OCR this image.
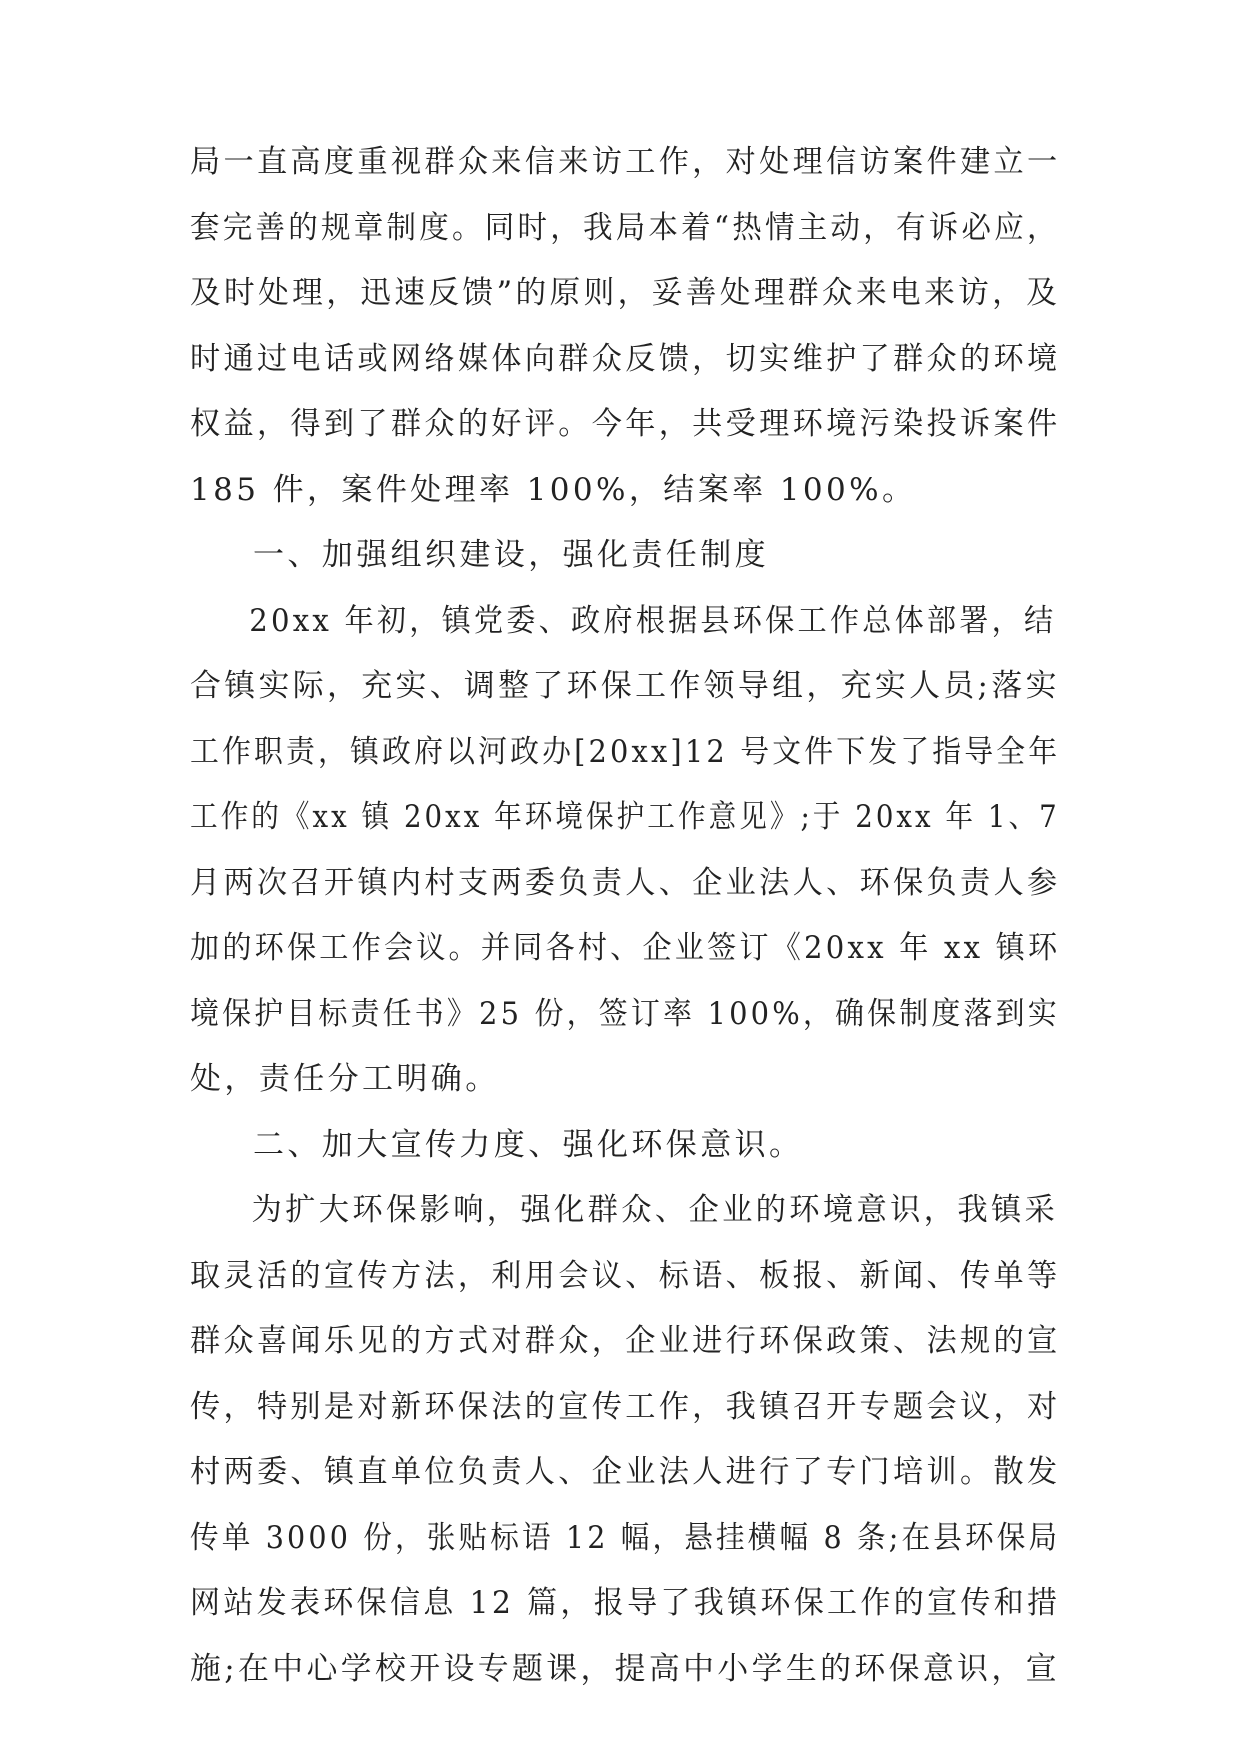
局一直高度重视群众来信来访工作，对处理信访案件建立一
套完善的规章制度。同时，我局本着“热情主动，有诉必应，
及时处理，迅速反馈”的原则，妥善处理群众来电来访，及
时通过电话或网络媒体向群众反馈，切实维护了群众的环境
权益，得到了群众的好评。今年，共受理环境污染投诉案件
185 件，案件处理率 100%，结案率 100%。
一、加强组织建设，强化责任制度
20xx 年初，镇党委、政府根据县环保工作总体部署，结
合镇实际，充实、调整了环保工作领导组，充实人员;落实
工作职责，镇政府以河政办[20xx]12 号文件下发了指导全年
工作的《xx 镇 20xx 年环境保护工作意见》;于 20xx 年 1、7
月两次召开镇内村支两委负责人、企业法人、环保负责人参
加的环保工作会议。并同各村、企业签订《20xx 年 xx 镇环
境保护目标责任书》25 份，签订率 100%，确保制度落到实
处，责任分工明确。
二、加大宣传力度、强化环保意识。
为扩大环保影响，强化群众、企业的环境意识，我镇采
取灵活的宣传方法，利用会议、标语、板报、新闻、传单等
群众喜闻乐见的方式对群众，企业进行环保政策、法规的宣
传，特别是对新环保法的宣传工作，我镇召开专题会议，对
村两委、镇直单位负责人、企业法人进行了专门培训。散发
传单 3000 份，张贴标语 12 幅，悬挂横幅 8 条;在县环保局
网站发表环保信息 12 篇，报导了我镇环保工作的宣传和措
施;在中心学校开设专题课，提高中小学生的环保意识，宣
